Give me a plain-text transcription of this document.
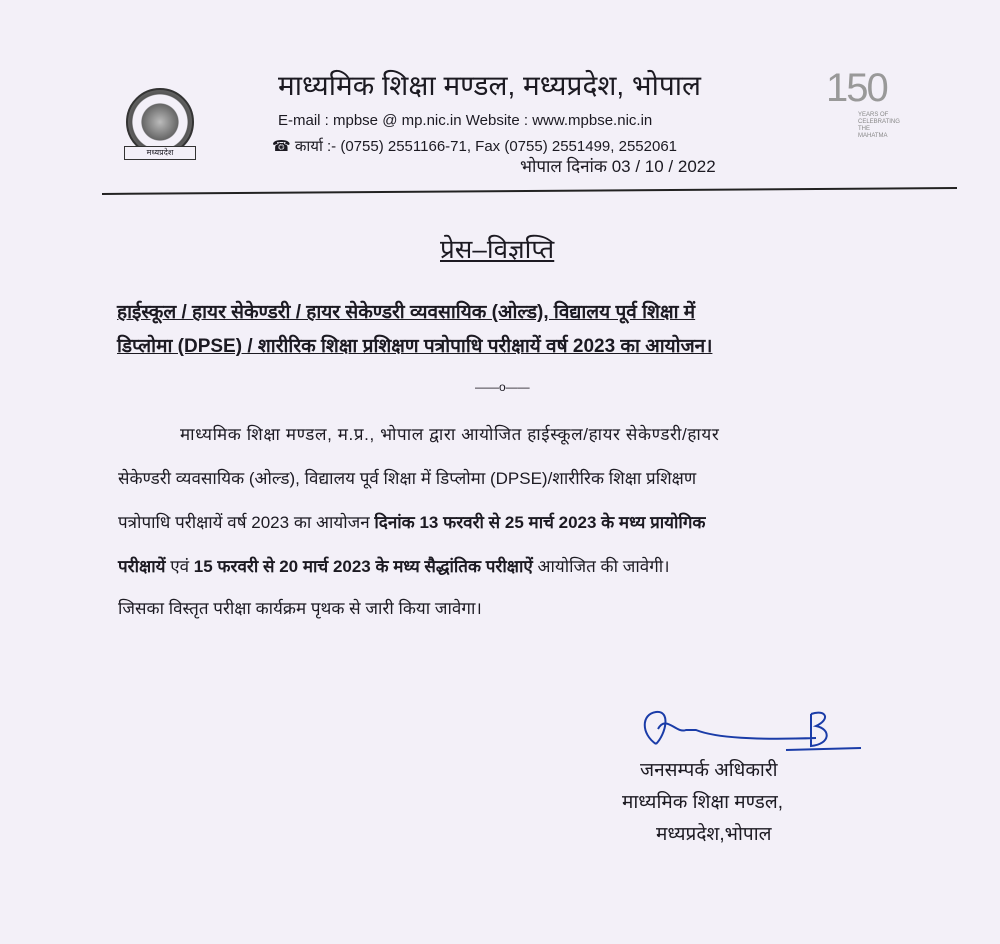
मध्यप्रदेश
माध्यमिक शिक्षा मण्डल, मध्यप्रदेश, भोपाल
E-mail : mpbse @ mp.nic.in Website : www.mpbse.nic.in
☎ कार्या :- (0755) 2551166-71, Fax (0755) 2551499, 2552061
भोपाल दिनांक 03 / 10 / 2022
150
YEARS OF CELEBRATING THE MAHATMA
प्रेस–विज्ञप्ति
हाईस्कूल / हायर सेकेण्डरी / हायर सेकेण्डरी व्यवसायिक (ओल्ड), विद्यालय पूर्व शिक्षा में
डिप्लोमा (DPSE) / शारीरिक शिक्षा प्रशिक्षण पत्रोपाधि परीक्षायें वर्ष 2023 का आयोजन।
——o——
माध्यमिक शिक्षा मण्डल, म.प्र., भोपाल द्वारा आयोजित हाईस्कूल/हायर सेकेण्डरी/हायर
सेकेण्डरी व्यवसायिक (ओल्ड), विद्यालय पूर्व शिक्षा में डिप्लोमा (DPSE)/शारीरिक शिक्षा प्रशिक्षण
पत्रोपाधि परीक्षायें वर्ष 2023 का आयोजन दिनांक 13 फरवरी से 25 मार्च 2023 के मध्य प्रायोगिक
परीक्षायें एवं 15 फरवरी से 20 मार्च 2023 के मध्य सैद्धांतिक परीक्षाऐं आयोजित की जावेगी।
जिसका विस्तृत परीक्षा कार्यक्रम पृथक से जारी किया जावेगा।
जनसम्पर्क अधिकारी
माध्यमिक शिक्षा मण्डल,
मध्यप्रदेश,भोपाल
